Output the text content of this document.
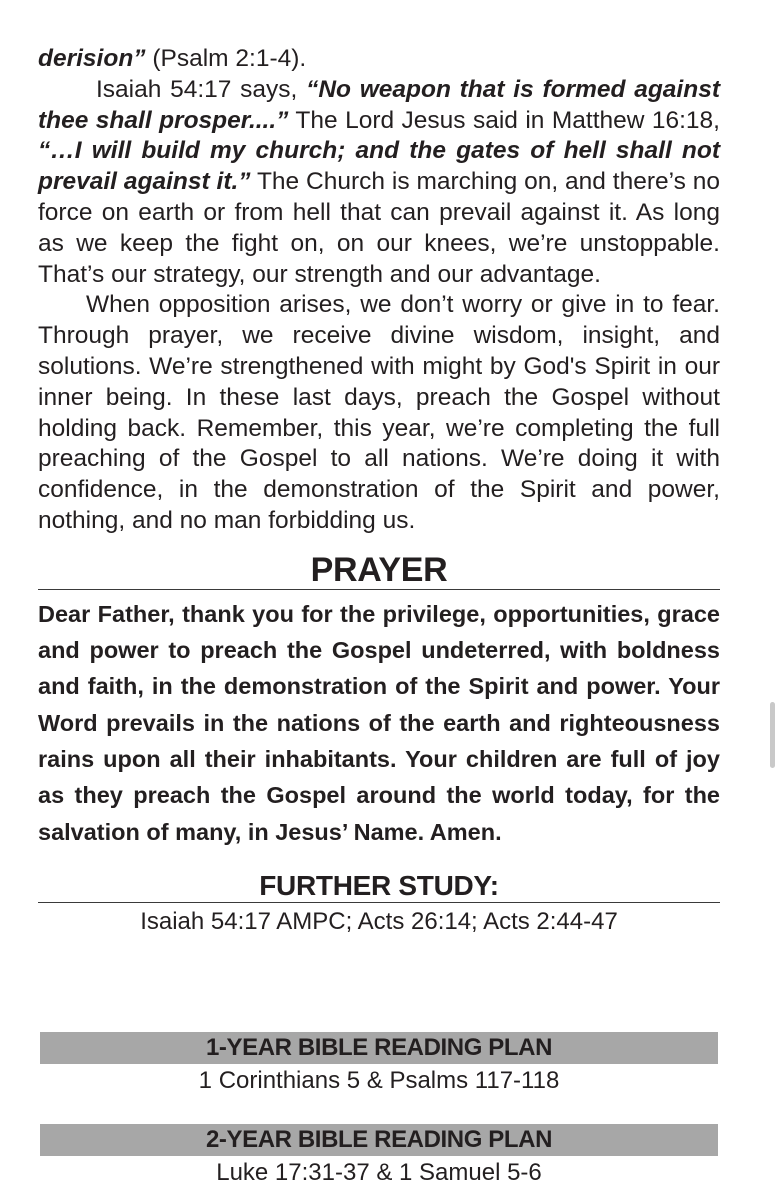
derision” (Psalm 2:1-4).

Isaiah 54:17 says, “No weapon that is formed against thee shall prosper....” The Lord Jesus said in Matthew 16:18, “…I will build my church; and the gates of hell shall not prevail against it.” The Church is marching on, and there’s no force on earth or from hell that can prevail against it. As long as we keep the fight on, on our knees, we’re unstoppable. That’s our strategy, our strength and our advantage.

When opposition arises, we don’t worry or give in to fear. Through prayer, we receive divine wisdom, insight, and solutions. We’re strengthened with might by God's Spirit in our inner being. In these last days, preach the Gospel without holding back. Remember, this year, we’re completing the full preaching of the Gospel to all nations. We’re doing it with confidence, in the demonstration of the Spirit and power, nothing, and no man forbidding us.

PRAYER

Dear Father, thank you for the privilege, opportunities, grace and power to preach the Gospel undeterred, with boldness and faith, in the demonstration of the Spirit and power. Your Word prevails in the nations of the earth and righteousness rains upon all their inhabitants. Your children are full of joy as they preach the Gospel around the world today, for the salvation of many, in Jesus’ Name. Amen.

FURTHER STUDY:

Isaiah 54:17 AMPC; Acts 26:14; Acts 2:44-47

1-YEAR BIBLE READING PLAN

1 Corinthians 5 & Psalms 117-118

2-YEAR BIBLE READING PLAN

Luke 17:31-37 & 1 Samuel 5-6
